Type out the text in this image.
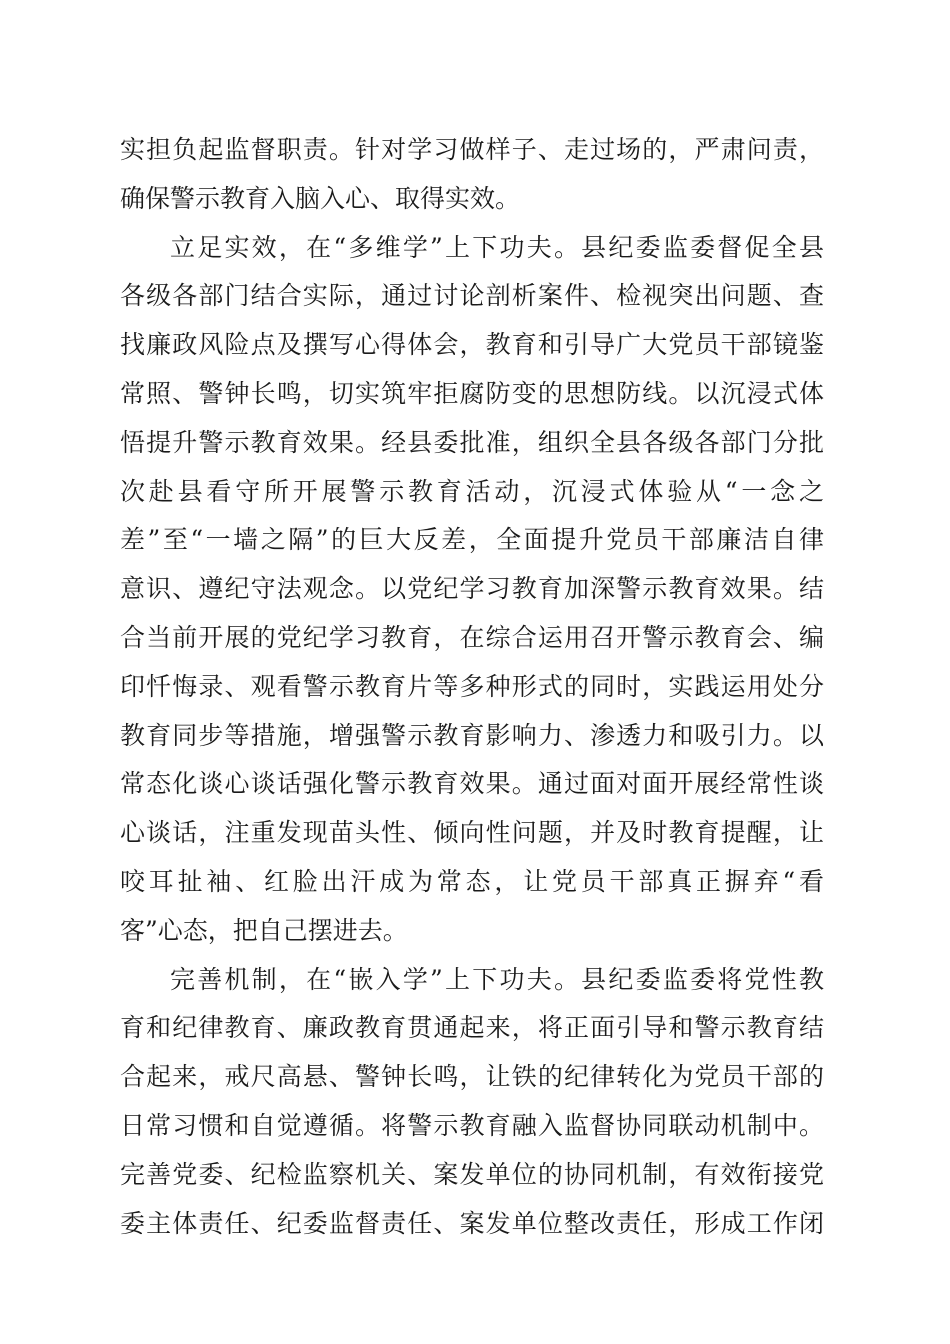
实担负起监督职责。针对学习做样子、走过场的，严肃问责，
确保警示教育入脑入心、取得实效。
立足实效，在“多维学”上下功夫。县纪委监委督促全县
各级各部门结合实际，通过讨论剖析案件、检视突出问题、查
找廉政风险点及撰写心得体会，教育和引导广大党员干部镜鉴
常照、警钟长鸣，切实筑牢拒腐防变的思想防线。以沉浸式体
悟提升警示教育效果。经县委批准，组织全县各级各部门分批
次赴县看守所开展警示教育活动，沉浸式体验从“一念之
差”至“一墙之隔”的巨大反差，全面提升党员干部廉洁自律
意识、遵纪守法观念。以党纪学习教育加深警示教育效果。结
合当前开展的党纪学习教育，在综合运用召开警示教育会、编
印忏悔录、观看警示教育片等多种形式的同时，实践运用处分
教育同步等措施，增强警示教育影响力、渗透力和吸引力。以
常态化谈心谈话强化警示教育效果。通过面对面开展经常性谈
心谈话，注重发现苗头性、倾向性问题，并及时教育提醒，让
咬耳扯袖、红脸出汗成为常态，让党员干部真正摒弃“看
客”心态，把自己摆进去。
完善机制，在“嵌入学”上下功夫。县纪委监委将党性教
育和纪律教育、廉政教育贯通起来，将正面引导和警示教育结
合起来，戒尺高悬、警钟长鸣，让铁的纪律转化为党员干部的
日常习惯和自觉遵循。将警示教育融入监督协同联动机制中。
完善党委、纪检监察机关、案发单位的协同机制，有效衔接党
委主体责任、纪委监督责任、案发单位整改责任，形成工作闭
